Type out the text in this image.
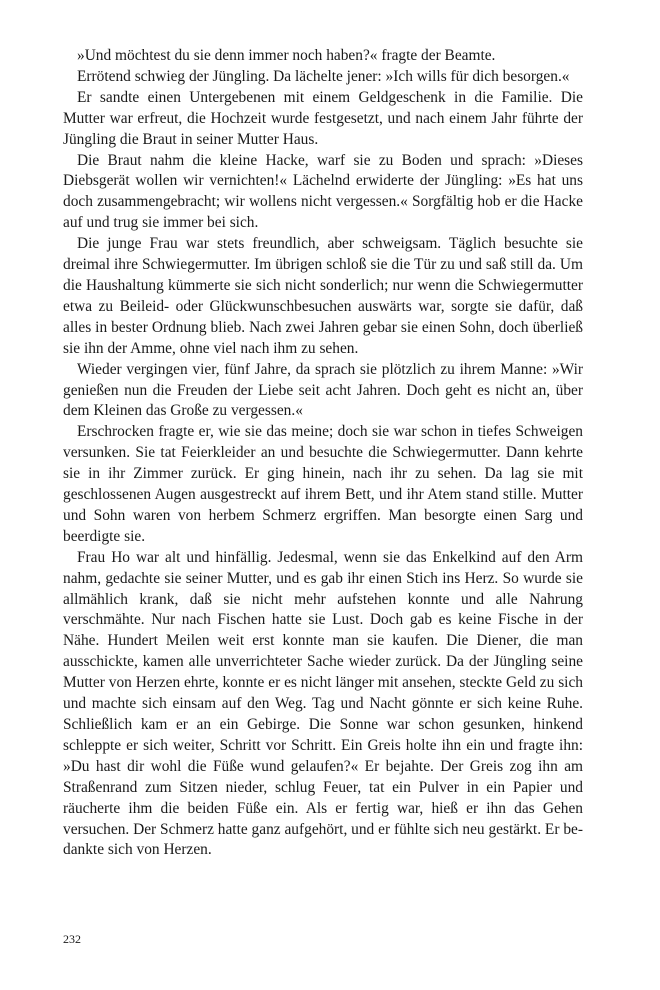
»Und möchtest du sie denn immer noch haben?« fragte der Beamte.

Errötend schwieg der Jüngling. Da lächelte jener: »Ich wills für dich besorgen.«

Er sandte einen Untergebenen mit einem Geldgeschenk in die Familie. Die Mutter war erfreut, die Hochzeit wurde festgesetzt, und nach einem Jahr führte der Jüngling die Braut in seiner Mutter Haus.

Die Braut nahm die kleine Hacke, warf sie zu Boden und sprach: »Dieses Diebsgerät wollen wir vernichten!« Lächelnd erwiderte der Jüngling: »Es hat uns doch zusammengebracht; wir wollens nicht vergessen.« Sorgfältig hob er die Hacke auf und trug sie immer bei sich.

Die junge Frau war stets freundlich, aber schweigsam. Täglich besuchte sie dreimal ihre Schwiegermutter. Im übrigen schloß sie die Tür zu und saß still da. Um die Haushaltung kümmerte sie sich nicht sonderlich; nur wenn die Schwiegermutter etwa zu Beileid- oder Glückwunschbesuchen auswärts war, sorgte sie dafür, daß alles in bester Ordnung blieb. Nach zwei Jahren gebar sie einen Sohn, doch überließ sie ihn der Amme, ohne viel nach ihm zu sehen.

Wieder vergingen vier, fünf Jahre, da sprach sie plötzlich zu ihrem Manne: »Wir genießen nun die Freuden der Liebe seit acht Jahren. Doch geht es nicht an, über dem Kleinen das Große zu vergessen.«

Erschrocken fragte er, wie sie das meine; doch sie war schon in tiefes Schweigen versunken. Sie tat Feierkleider an und besuchte die Schwiegermutter. Dann kehrte sie in ihr Zimmer zurück. Er ging hinein, nach ihr zu sehen. Da lag sie mit geschlossenen Augen ausgestreckt auf ihrem Bett, und ihr Atem stand stille. Mutter und Sohn waren von herbem Schmerz ergriffen. Man besorgte einen Sarg und beerdigte sie.

Frau Ho war alt und hinfällig. Jedesmal, wenn sie das Enkelkind auf den Arm nahm, gedachte sie seiner Mutter, und es gab ihr einen Stich ins Herz. So wurde sie allmählich krank, daß sie nicht mehr aufstehen konnte und alle Nahrung verschmähte. Nur nach Fischen hatte sie Lust. Doch gab es keine Fische in der Nähe. Hundert Meilen weit erst konnte man sie kaufen. Die Diener, die man ausschickte, kamen alle unverrichteter Sache wieder zurück. Da der Jüngling seine Mutter von Herzen ehrte, konnte er es nicht länger mit ansehen, steckte Geld zu sich und machte sich einsam auf den Weg. Tag und Nacht gönnte er sich keine Ruhe. Schließlich kam er an ein Gebirge. Die Sonne war schon gesunken, hinkend schleppte er sich weiter, Schritt vor Schritt. Ein Greis holte ihn ein und fragte ihn: »Du hast dir wohl die Füße wund gelaufen?« Er bejahte. Der Greis zog ihn am Straßenrand zum Sitzen nieder, schlug Feuer, tat ein Pulver in ein Papier und räucherte ihm die beiden Füße ein. Als er fertig war, hieß er ihn das Gehen versuchen. Der Schmerz hatte ganz aufgehört, und er fühlte sich neu gestärkt. Er bedankte sich von Herzen.

232
